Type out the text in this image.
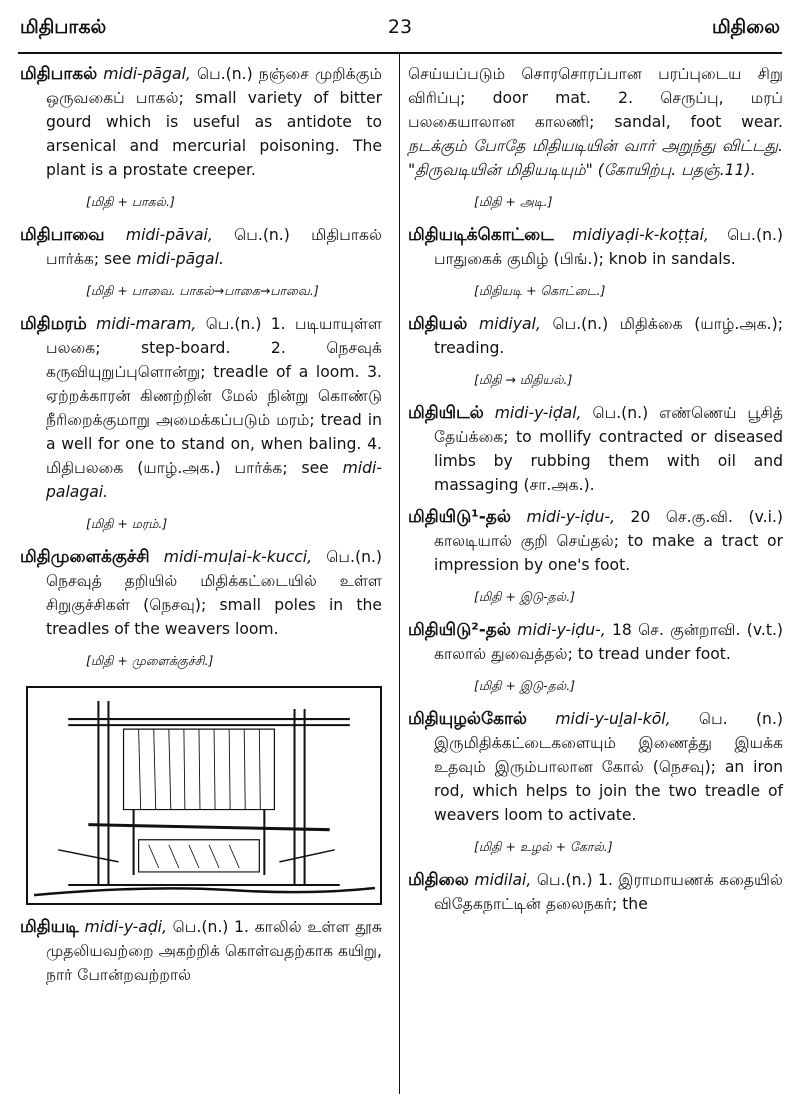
மிதிபாகல்	23	மிதிலை

மிதிபாகல் midi-pāgal, பெ.(n.) நஞ்சை முறிக்கும் ஒருவகைப் பாகல்; small variety of bitter gourd which is useful as antidote to arsenical and mercurial poisoning. The plant is a prostate creeper.

[மிதி + பாகல்.]

மிதிபாவை midi-pāvai, பெ.(n.) மிதிபாகல் பார்க்க; see midi-pāgal.

[மிதி + பாவை. பாகல்→பாகை→பாவை.]

மிதிமரம் midi-maram, பெ.(n.) 1. படியாயுள்ள பலகை; step-board. 2. நெசவுக் கருவியுறுப்புளொன்று; treadle of a loom. 3. ஏற்றக்காரன் கிணற்றின் மேல் நின்று கொண்டு நீரிறைக்குமாறு அமைக்கப்படும் மரம்; tread in a well for one to stand on, when baling. 4. மிதிபலகை (யாழ்.அக.) பார்க்க; see midi-palagai.

[மிதி + மரம்.]

மிதிமுளைக்குச்சி midi-muḷai-k-kucci, பெ.(n.) நெசவுத் தறியில் மிதிக்கட்டையில் உள்ள சிறுகுச்சிகள் (நெசவு); small poles in the treadles of the weavers loom.

[மிதி + முளைக்குச்சி.]

மிதியடி midi-y-aḍi, பெ.(n.) 1. காலில் உள்ள தூசு முதலியவற்றை அகற்றிக் கொள்வதற்காக கயிறு, நார் போன்றவற்றால்

செய்யப்படும் சொரசொரப்பான பரப்புடைய சிறு விரிப்பு; door mat. 2. செருப்பு, மரப் பலகையாலான காலணி; sandal, foot wear. நடக்கும் போதே மிதியடியின் வார் அறுந்து விட்டது. "திருவடியின் மிதியடியும்" (கோயிற்பு. பதஞ்.11).

[மிதி + அடி.]

மிதியடிக்கொட்டை midiyaḍi-k-koṭṭai, பெ.(n.) பாதுகைக் குமிழ் (பிங்.); knob in sandals.

[மிதியடி + கொட்டை.]

மிதியல் midiyal, பெ.(n.) மிதிக்கை (யாழ்.அக.); treading.

[மிதி → மிதியல்.]

மிதியிடல் midi-y-iḍal, பெ.(n.) எண்ணெய் பூசித் தேய்க்கை; to mollify contracted or diseased limbs by rubbing them with oil and massaging (சா.அக.).

மிதியிடு¹-தல் midi-y-iḍu-, 20 செ.கு.வி. (v.i.) காலடியால் குறி செய்தல்; to make a tract or impression by one's foot.

[மிதி + இடு-தல்.]

மிதியிடு²-தல் midi-y-iḍu-, 18 செ. குன்றாவி. (v.t.) காலால் துவைத்தல்; to tread under foot.

[மிதி + இடு-தல்.]

மிதியுழல்கோல் midi-y-uḻal-kōl, பெ. (n.) இருமிதிக்கட்டைகளையும் இணைத்து இயக்க உதவும் இரும்பாலான கோல் (நெசவு); an iron rod, which helps to join the two treadle of weavers loom to activate.

[மிதி + உழல் + கோல்.]

மிதிலை midilai, பெ.(n.) 1. இராமாயணக் கதையில் விதேகநாட்டின் தலைநகர்; the
